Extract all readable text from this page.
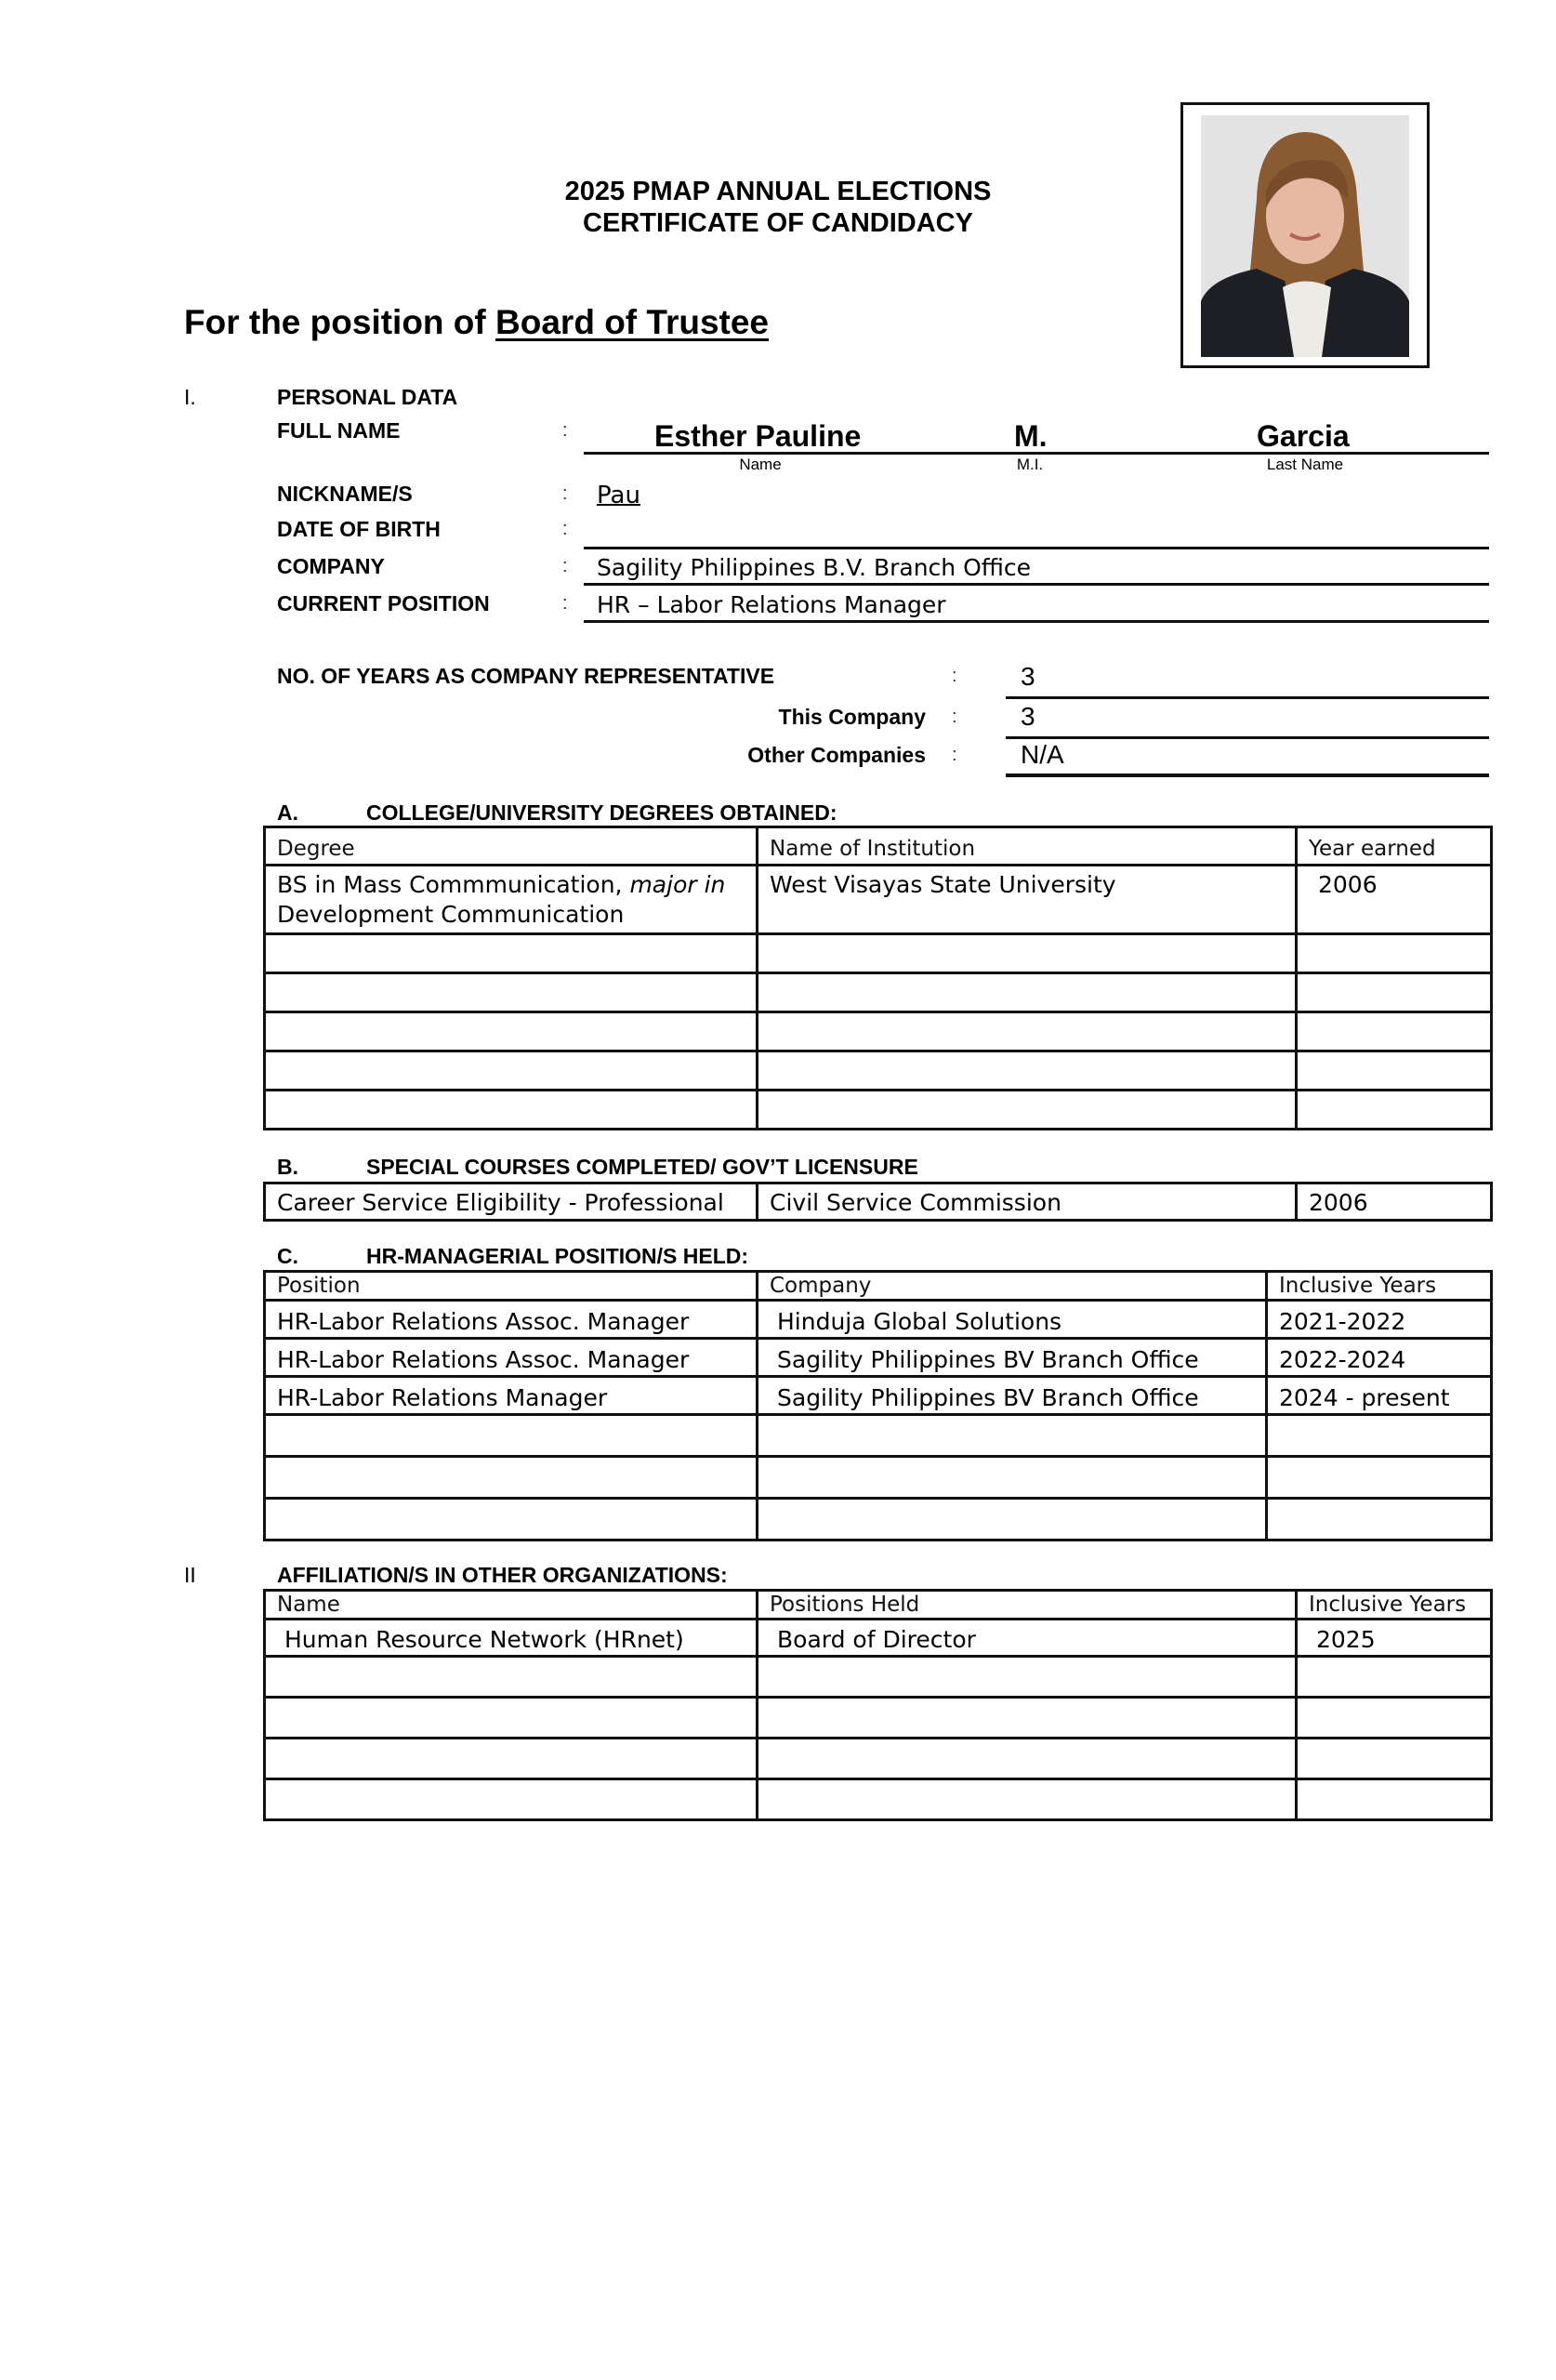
2025 PMAP ANNUAL ELECTIONS
CERTIFICATE OF CANDIDACY
For the position of Board of Trustee
I.	PERSONAL DATA
FULL NAME	:	Esther Pauline	M.	Garcia
Name	M.I.	Last Name
NICKNAME/S	: Pau
DATE OF BIRTH	:
COMPANY	: Sagility Philippines B.V. Branch Office
CURRENT POSITION	: HR – Labor Relations Manager
NO. OF YEARS AS COMPANY REPRESENTATIVE	: 3
This Company : 3
Other Companies : N/A
A.	COLLEGE/UNIVERSITY DEGREES OBTAINED:
Degree	Name of Institution	Year earned
BS in Mass Commmunication, major in
Development Communication	West Visayas State University	2006

B.	SPECIAL COURSES COMPLETED/ GOV’T LICENSURE
Career Service Eligibility - Professional	Civil Service Commission	2006
C.	HR-MANAGERIAL POSITION/S HELD:
Position	Company	Inclusive Years
HR-Labor Relations Assoc. Manager	Hinduja Global Solutions	2021-2022
HR-Labor Relations Assoc. Manager	Sagility Philippines BV Branch Office	2022-2024
HR-Labor Relations Manager	Sagility Philippines BV Branch Office	2024 - present

II	AFFILIATION/S IN OTHER ORGANIZATIONS:
Name	Positions Held	Inclusive Years
Human Resource Network (HRnet)	Board of Director	2025
